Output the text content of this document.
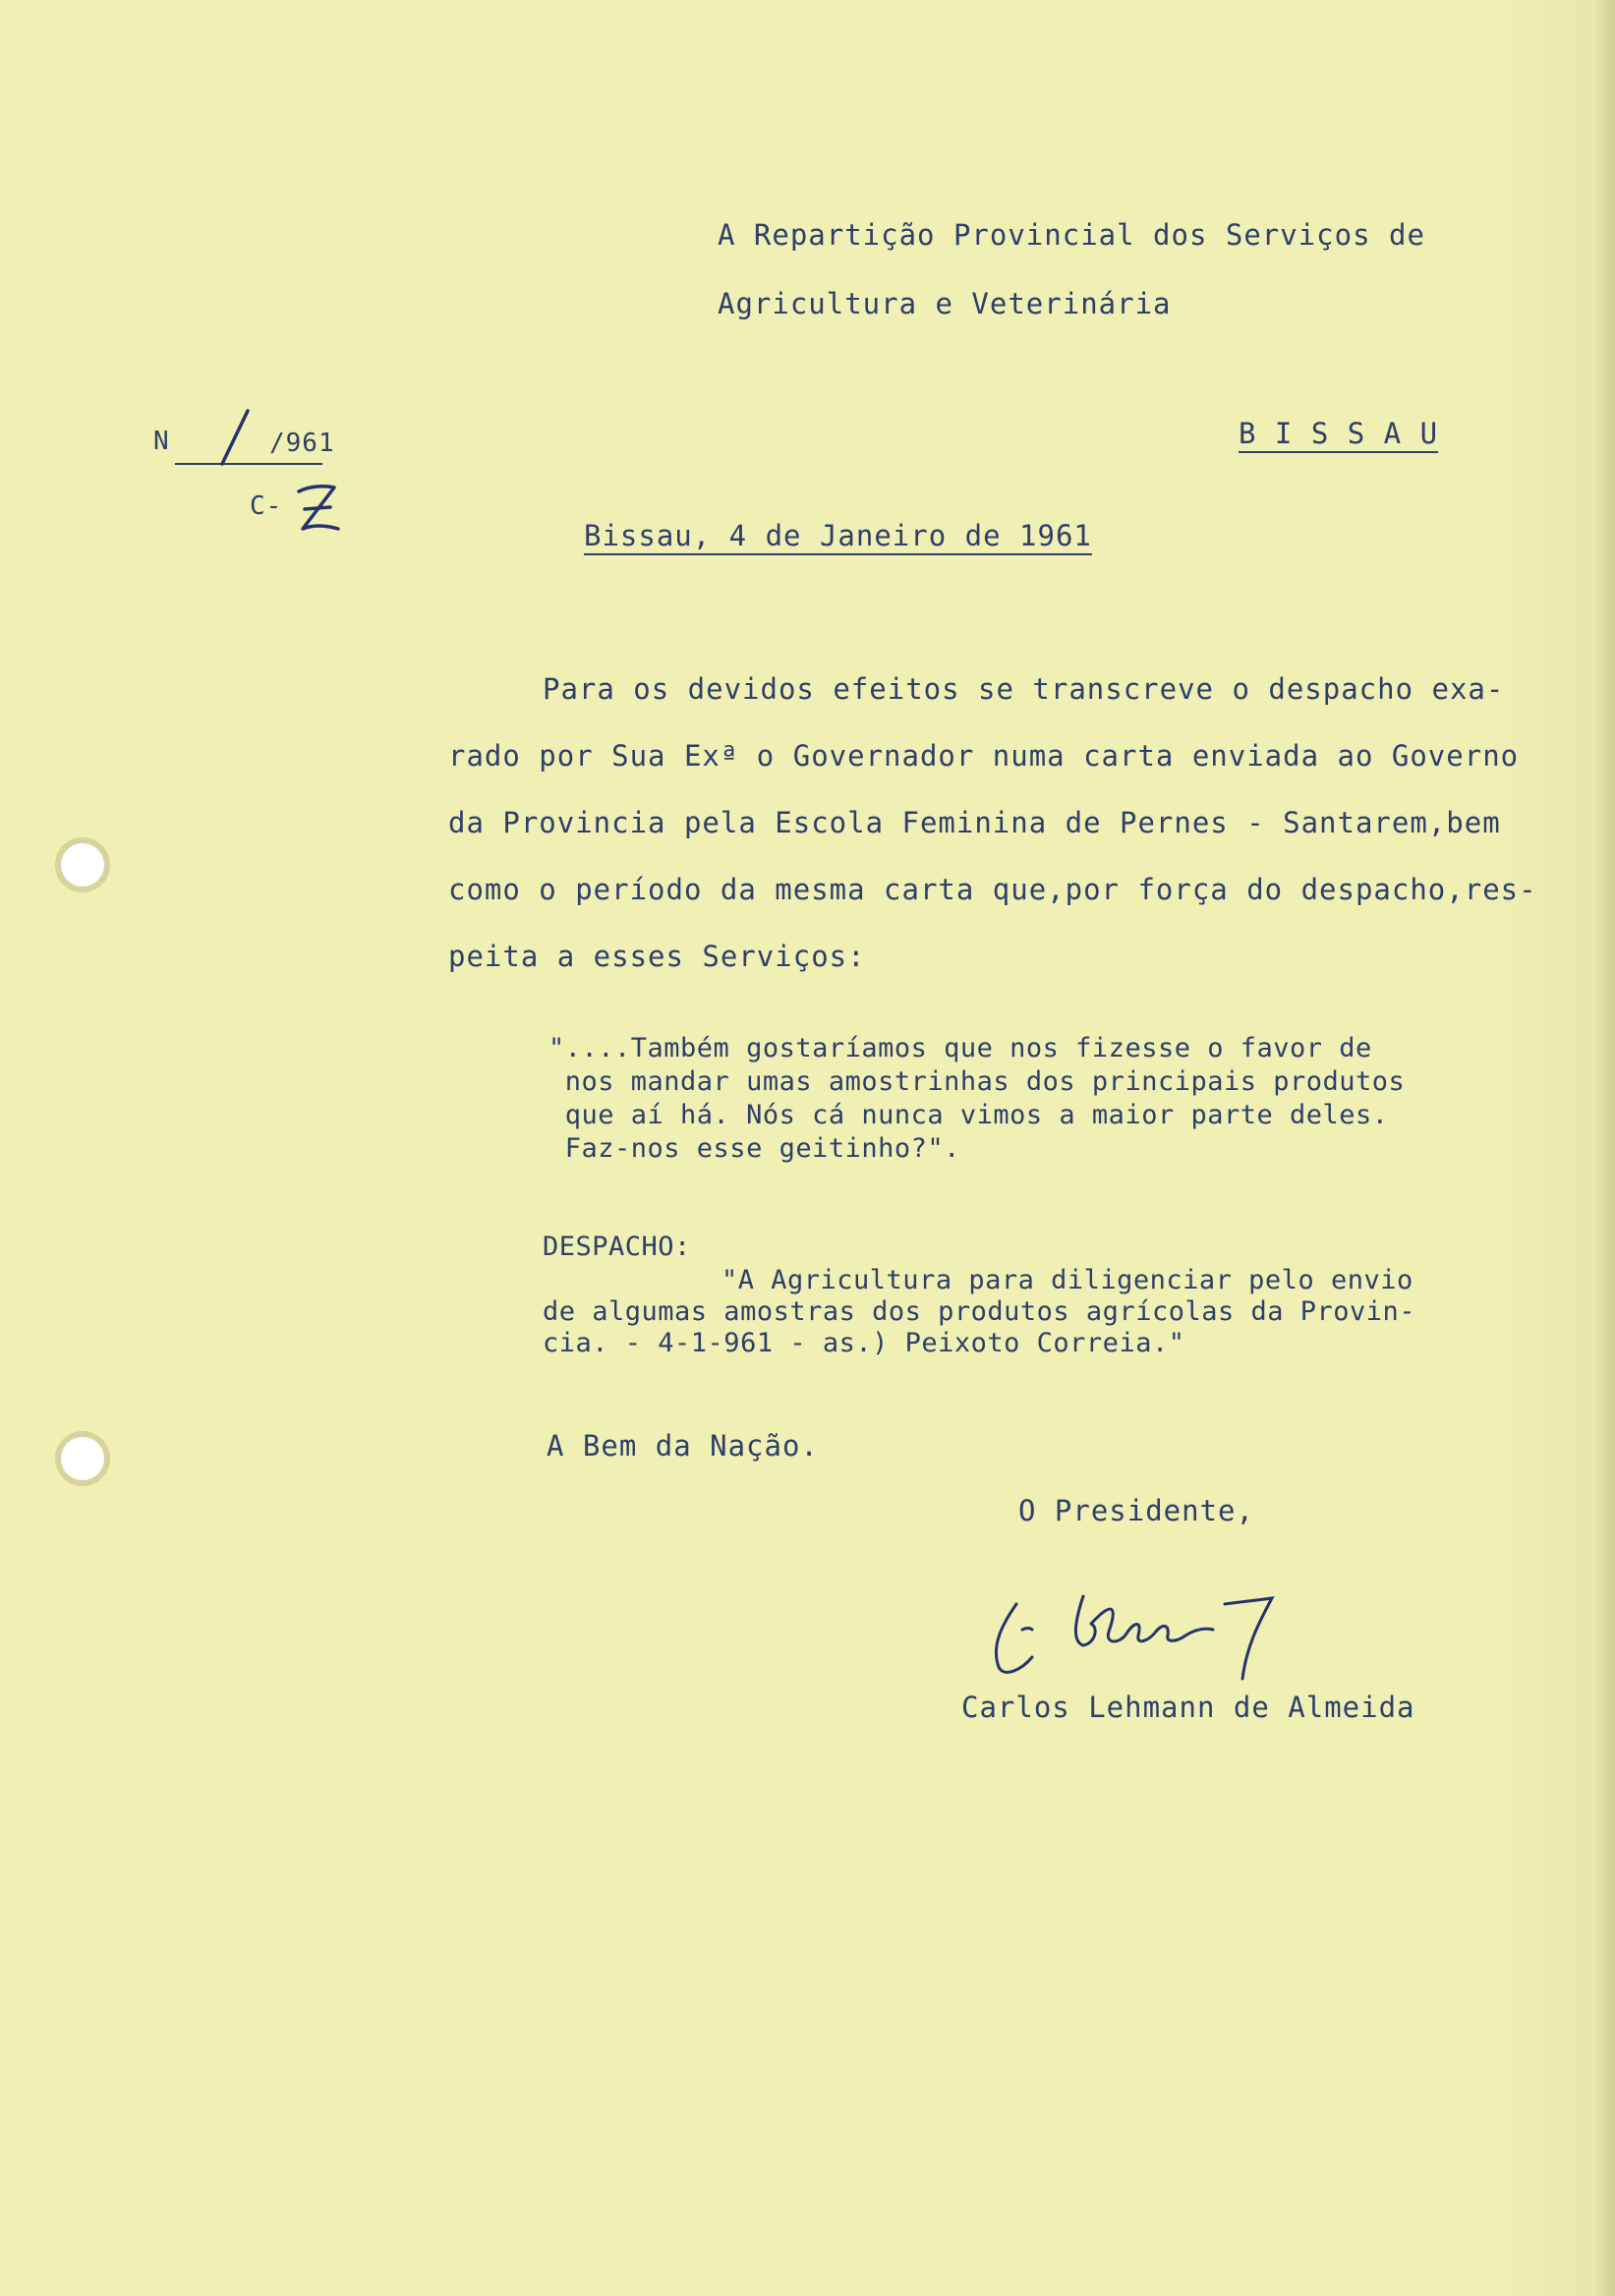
A Repartição Provincial dos Serviços de
Agricultura e Veterinária
B I S S A U
N	/961
C-
Bissau, 4 de Janeiro de 1961
Para os devidos efeitos se transcreve o despacho exa-
rado por Sua Exª o Governador numa carta enviada ao Governo
da Provincia pela Escola Feminina de Pernes - Santarem,bem
como o período da mesma carta que,por força do despacho,res-
peita a esses Serviços:
"....Também gostaríamos que nos fizesse o favor de
nos mandar umas amostrinhas dos principais produtos
que aí há. Nós cá nunca vimos a maior parte deles.
Faz-nos esse geitinho?".
DESPACHO:
"A Agricultura para diligenciar pelo envio
de algumas amostras dos produtos agrícolas da Provin-
cia. - 4-1-961 - as.) Peixoto Correia."
A Bem da Nação.
O Presidente,
Carlos Lehmann de Almeida
